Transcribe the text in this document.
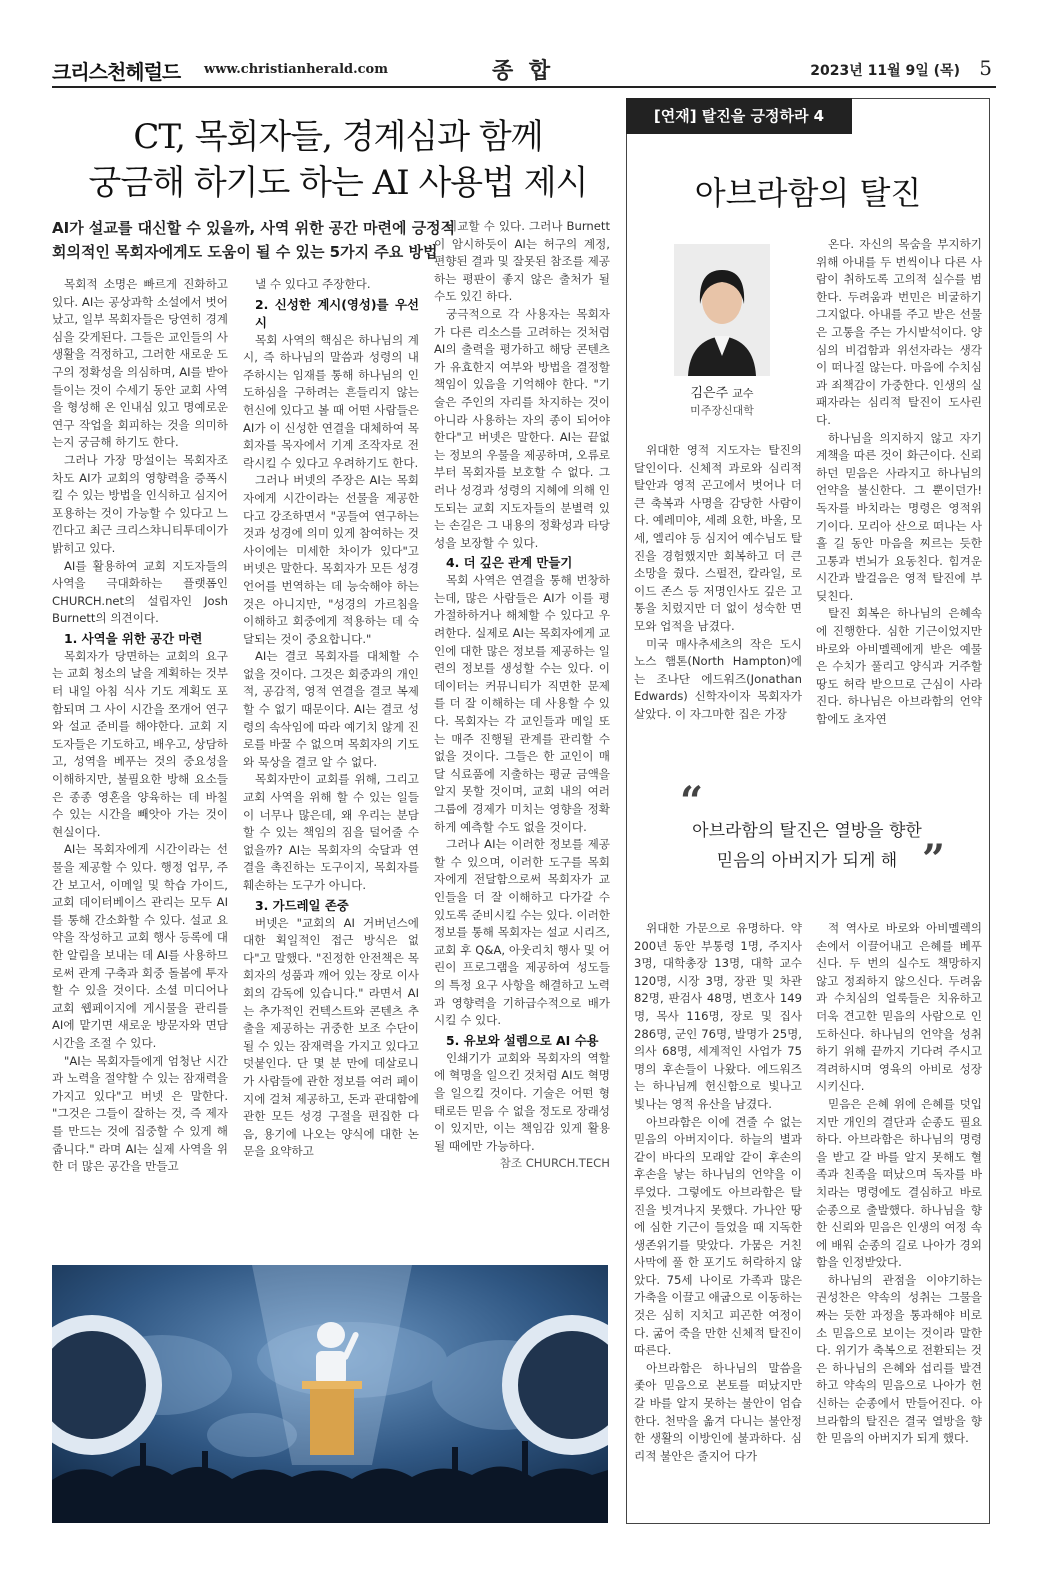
크리스천헤럴드 www.christianherald.com	종 합	2023년 11월 9일 (목) 5
CT, 목회자들, 경계심과 함께
궁금해 하기도 하는 AI 사용법 제시
AI가 설교를 대신할 수 있을까, 사역 위한 공간 마련에 긍정적
회의적인 목회자에게도 도움이 될 수 있는 5가지 주요 방법

목회적 소명은 빠르게 진화하고 있다. AI는 공상과학 소설에서 벗어났고, 일부 목회자들은 당연히 경계심을 갖게된다. 그들은 교인들의 사생활을 걱정하고, 그러한 새로운 도구의 정확성을 의심하며, AI를 받아들이는 것이 수세기 동안 교회 사역을 형성해 온 인내심 있고 명예로운 연구 작업을 회피하는 것을 의미하는지 궁금해 하기도 한다.

그러나 가장 망설이는 목회자조차도 AI가 교회의 영향력을 증폭시킬 수 있는 방법을 인식하고 심지어 포용하는 것이 가능할 수 있다고 느낀다고 최근 크리스챠니티투데이가 밝히고 있다.

AI를 활용하여 교회 지도자들의 사역을 극대화하는 플랫폼인 CHURCH.net의 설립자인 Josh Burnett의 의견이다.

1. 사역을 위한 공간 마련

목회자가 당면하는 교회의 요구는 교회 청소의 날을 계획하는 것부터 내일 아침 식사 기도 계획도 포함되며 그 사이 시간을 쪼개어 연구와 설교 준비를 해야한다. 교회 지도자들은 기도하고, 배우고, 상담하고, 성역을 베푸는 것의 중요성을 이해하지만, 불필요한 방해 요소들은 종종 영혼을 양육하는 데 바칠 수 있는 시간을 빼앗아 가는 것이 현실이다.

AI는 목회자에게 시간이라는 선물을 제공할 수 있다. 행정 업무, 주간 보고서, 이메일 및 학습 가이드, 교회 데이터베이스 관리는 모두 AI를 통해 간소화할 수 있다. 설교 요약을 작성하고 교회 행사 등록에 대한 알림을 보내는 데 AI를 사용하므로써 관계 구축과 회중 돌봄에 투자할 수 있을 것이다. 소셜 미디어나 교회 웹페이지에 게시물을 관리를 AI에 맡기면 새로운 방문자와 면담 시간을 조절 수 있다.

"AI는 목회자들에게 엄청난 시간과 노력을 절약할 수 있는 잠재력을 가지고 있다"고 버넷 은 말한다. "그것은 그들이 잘하는 것, 즉 제자를 만드는 것에 집중할 수 있게 해줍니다." 라며 AI는 실제 사역을 위한 더 많은 공간을 만들고

낼 수 있다고 주장한다.

2. 신성한 계시(영성)를 우선시

목회 사역의 핵심은 하나님의 계시, 즉 하나님의 말씀과 성령의 내주하시는 임재를 통해 하나님의 인도하심을 구하려는 흔들리지 않는 헌신에 있다고 볼 때 어떤 사람들은 AI가 이 신성한 연결을 대체하여 목회자를 목자에서 기계 조작자로 전락시킬 수 있다고 우려하기도 한다.

그러나 버넷의 주장은 AI는 목회자에게 시간이라는 선물을 제공한다고 강조하면서 "공들여 연구하는 것과 성경에 의미 있게 참여하는 것 사이에는 미세한 차이가 있다"고 버넷은 말한다. 목회자가 모든 성경 언어를 번역하는 데 능숙해야 하는 것은 아니지만, "성경의 가르침을 이해하고 회중에게 적용하는 데 숙달되는 것이 중요합니다."

AI는 결코 목회자를 대체할 수 없을 것이다. 그것은 회중과의 개인적, 공감적, 영적 연결을 결코 복제할 수 없기 때문이다. AI는 결코 성령의 속삭임에 따라 예기치 않게 진로를 바꿀 수 없으며 목회자의 기도와 묵상을 결코 알 수 없다.

목회자만이 교회를 위해, 그리고 교회 사역을 위해 할 수 있는 일들이 너무나 많은데, 왜 우리는 분담할 수 있는 책임의 짐을 덜어줄 수 없을까? AI는 목회자의 숙달과 연결을 촉진하는 도구이지, 목회자를 훼손하는 도구가 아니다.

3. 가드레일 존중

버넷은 "교회의 AI 거버넌스에 대한 획일적인 접근 방식은 없다"고 말했다. "진정한 안전책은 목회자의 성품과 깨어 있는 장로 이사회의 감독에 있습니다." 라면서 AI는 추가적인 컨텍스트와 콘텐츠 추출을 제공하는 귀중한 보조 수단이 될 수 있는 잠재력을 가지고 있다고 덧붙인다. 단 몇 분 만에 데살로니가 사람들에 관한 정보를 여러 페이지에 걸쳐 제공하고, 돈과 관대함에 관한 모든 성경 구절을 편집한 다음, 용기에 나오는 양식에 대한 논문을 요약하고

비교할 수 있다. 그러나 Burnett이 암시하듯이 AI는 허구의 계정, 편향된 결과 및 잘못된 참조를 제공하는 평판이 좋지 않은 출처가 될 수도 있긴 하다.

궁극적으로 각 사용자는 목회자가 다른 리소스를 고려하는 것처럼 AI의 출력을 평가하고 해당 콘텐츠가 유효한지 여부와 방법을 결정할 책임이 있음을 기억해야 한다. "기술은 주인의 자리를 차지하는 것이 아니라 사용하는 자의 종이 되어야 한다"고 버넷은 말한다. AI는 끝없는 정보의 우물을 제공하며, 오류로부터 목회자를 보호할 수 없다. 그러나 성경과 성령의 지혜에 의해 인도되는 교회 지도자들의 분별력 있는 손길은 그 내용의 정확성과 타당성을 보장할 수 있다.

4. 더 깊은 관계 만들기

목회 사역은 연결을 통해 번창하는데, 많은 사람들은 AI가 이를 평가절하하거나 해체할 수 있다고 우려한다. 실제로 AI는 목회자에게 교인에 대한 많은 정보를 제공하는 일련의 정보를 생성할 수는 있다. 이 데이터는 커뮤니티가 직면한 문제를 더 잘 이해하는 데 사용할 수 있다. 목회자는 각 교인들과 메일 또는 매주 진행될 관계를 관리할 수 없을 것이다. 그들은 한 교인이 매달 식료품에 지출하는 평균 금액을 알지 못할 것이며, 교회 내의 여러 그룹에 경제가 미치는 영향을 정확하게 예측할 수도 없을 것이다.

그러나 AI는 이러한 정보를 제공할 수 있으며, 이러한 도구를 목회자에게 전달함으로써 목회자가 교인들을 더 잘 이해하고 다가갈 수 있도록 준비시킬 수는 있다. 이러한 정보를 통해 목회자는 설교 시리즈, 교회 후 Q&A, 아웃리치 행사 및 어린이 프로그램을 제공하여 성도들의 특정 요구 사항을 해결하고 노력과 영향력을 기하급수적으로 배가시킬 수 있다.

5. 유보와 설렘으로 AI 수용

인쇄기가 교회와 목회자의 역할에 혁명을 일으킨 것처럼 AI도 혁명을 일으킬 것이다. 기술은 어떤 형태로든 믿음 수 없을 정도로 장래성이 있지만, 이는 책임감 있게 활용될 때에만 가능하다.

참조 CHURCH.TECH

[연재] 탈진을 긍정하라 4
아브라함의 탈진
김은주 교수
미주장신대학

위대한 영적 지도자는 탈진의 달인이다. 신체적 과로와 심리적 탈안과 영적 곤고에서 벗어나 더 큰 축복과 사명을 감당한 사람이다. 예레미야, 세례 요한, 바울, 모세, 엘리야 등 심지어 예수님도 탈진을 경험했지만 회복하고 더 큰 소망을 줬다. 스펄전, 칼라일, 로이드 존스 등 저명인사도 깊은 고통을 치렀지만 더 없이 성숙한 면모와 업적을 남겼다.

미국 매사추세츠의 작은 도시 노스 햄톤(North Hampton)에는 조나단 에드워즈(Jonathan Edwards) 신학자이자 목회자가 살았다. 이 자그마한 집은 가장

온다. 자신의 목숨을 부지하기 위해 아내를 두 번씩이나 다른 사람이 취하도록 고의적 실수를 범한다. 두려움과 번민은 비굴하기 그지없다. 아내를 주고 받은 선물은 고통을 주는 가시밭석이다. 양심의 비겁함과 위선자라는 생각이 떠나질 않는다. 마음에 수치심과 죄책감이 가중한다. 인생의 실패자라는 심리적 탈진이 도사린다.

하나님을 의지하지 않고 자기 계책을 따른 것이 화근이다. 신뢰하던 믿음은 사라지고 하나님의 언약을 불신한다. 그 뿐이던가! 독자를 바치라는 명령은 영적위기이다. 모리아 산으로 떠나는 사흘 길 동안 마음을 찌르는 듯한 고통과 번뇌가 요동친다. 힘겨운 시간과 발걸음은 영적 탈진에 부딪친다.

탈진 회복은 하나님의 은혜속에 진행한다. 심한 기근이었지만 바로와 아비멜렉에게 받은 예물은 수치가 풀리고 양식과 거주할 땅도 허락 받으므로 근심이 사라진다. 하나님은 아브라함의 언약함에도 초자연

“
아브라함의 탈진은 열방을 향한
믿음의 아버지가 되게 해 ”

위대한 가문으로 유명하다. 약 200년 동안 부통령 1명, 주지사 3명, 대학총장 13명, 대학 교수 120명, 시장 3명, 장관 및 차관 82명, 판검사 48명, 변호사 149명, 목사 116명, 장로 및 집사 286명, 군인 76명, 발명가 25명, 의사 68명, 세계적인 사업가 75명의 후손들이 나왔다. 에드워즈는 하나님께 헌신함으로 빛나고 빛나는 영적 유산을 남겼다.

아브라함은 이에 견줄 수 없는 믿음의 아버지이다. 하늘의 별과 같이 바다의 모래알 같이 후손의 후손을 낳는 하나님의 언약을 이루었다. 그렇에도 아브라함은 탈진을 빗겨나지 못했다. 가나안 땅에 심한 기근이 들었을 때 지독한 생존위기를 맞았다. 가뭄은 거친 사막에 풀 한 포기도 허락하지 않았다. 75세 나이로 가족과 많은 가축을 이끌고 애굽으로 이동하는 것은 심히 지치고 피곤한 여정이다. 굶어 죽을 만한 신체적 탈진이 따른다.

아브라함은 하나님의 말씀을 좇아 믿음으로 본토를 떠났지만 갈 바를 알지 못하는 불안이 엄습한다. 천막을 옮겨 다니는 불안정한 생활의 이방인에 불과하다. 심리적 불안은 줄지어 다가

적 역사로 바로와 아비멜렉의 손에서 이끌어내고 은혜를 베푸신다. 두 번의 실수도 책망하지 않고 정죄하지 않으신다. 두려움과 수치심의 얼룩들은 치유하고 더욱 견고한 믿음의 사람으로 인도하신다. 하나님의 언약을 성취하기 위해 끝까지 기다려 주시고 격려하시며 영육의 아비로 성장시키신다.

믿음은 은혜 위에 은혜를 덧입지만 개인의 결단과 순종도 필요하다. 아브라함은 하나님의 명령을 받고 갈 바를 알지 못해도 혈족과 친족을 떠났으며 독자를 바치라는 명령에도 결심하고 바로 순종으로 출발했다. 하나님을 향한 신뢰와 믿음은 인생의 여정 속에 배워 순종의 길로 나아가 경외함을 인정받았다.

하나님의 관점을 이야기하는 권성찬은 약속의 성취는 그물을 짜는 듯한 과정을 통과해야 비로소 믿음으로 보이는 것이라 말한다. 위기가 축복으로 전환되는 것은 하나님의 은혜와 섭리를 발견하고 약속의 믿음으로 나아가 헌신하는 순종에서 만들어진다. 아브라함의 탈진은 결국 열방을 향한 믿음의 아버지가 되게 했다.
